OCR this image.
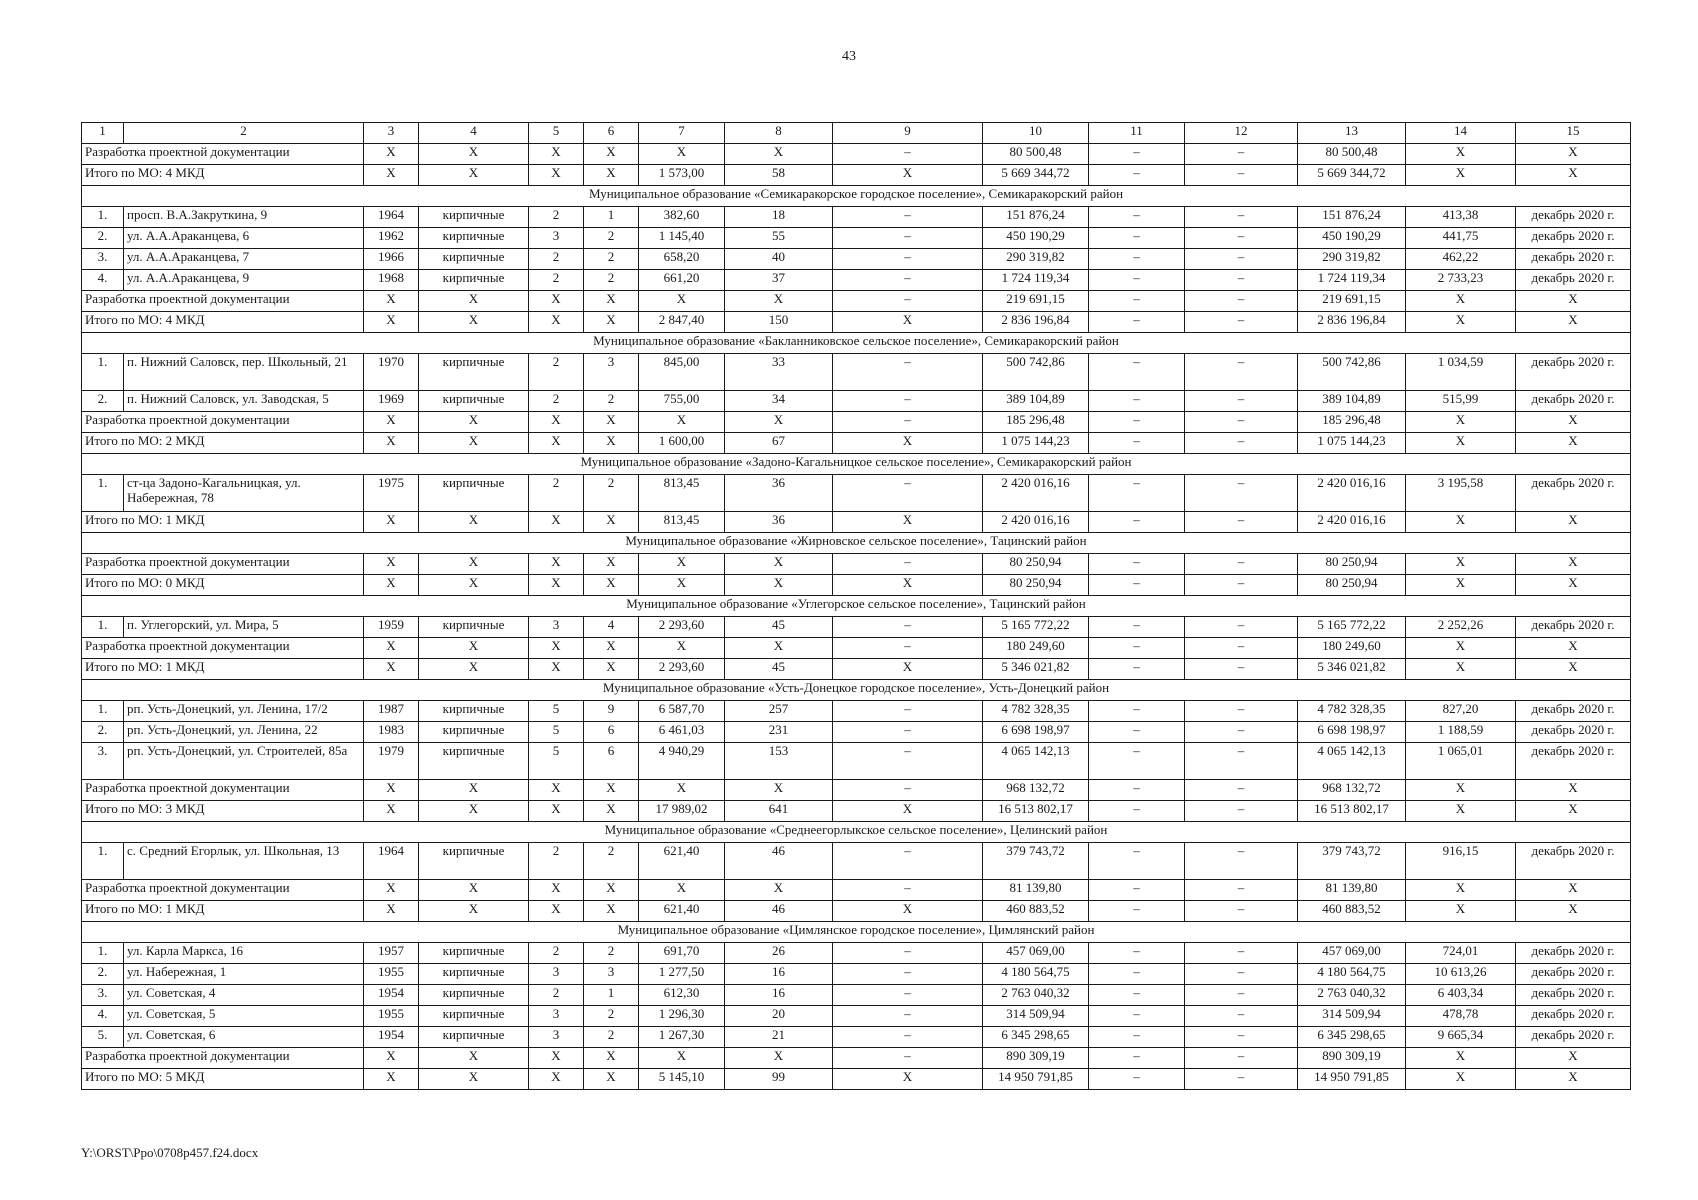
43
1	2	3	4	5	6	7	8	9	10	11	12	13	14	15
Разработка проектной документации		X	X	X	X	X	X	–	80 500,48	–	–	80 500,48	X	X
Итого по МО: 4 МКД		X	X	X	X	1 573,00	58	X	5 669 344,72	–	–	5 669 344,72	X	X
Муниципальное образование «Семикаракорское городское поселение», Семикаракорский район														
1.	просп. В.А.Закруткина, 9	1964	кирпичные	2	1	382,60	18	–	151 876,24	–	–	151 876,24	413,38	декабрь 2020 г.
2.	ул. А.А.Араканцева, 6	1962	кирпичные	3	2	1 145,40	55	–	450 190,29	–	–	450 190,29	441,75	декабрь 2020 г.
3.	ул. А.А.Араканцева, 7	1966	кирпичные	2	2	658,20	40	–	290 319,82	–	–	290 319,82	462,22	декабрь 2020 г.
4.	ул. А.А.Араканцева, 9	1968	кирпичные	2	2	661,20	37	–	1 724 119,34	–	–	1 724 119,34	2 733,23	декабрь 2020 г.
Разработка проектной документации		X	X	X	X	X	X	–	219 691,15	–	–	219 691,15	X	X
Итого по МО: 4 МКД		X	X	X	X	2 847,40	150	X	2 836 196,84	–	–	2 836 196,84	X	X
Муниципальное образование «Бакланниковское сельское поселение», Семикаракорский район														
1.	п. Нижний Саловск, пер. Школьный, 21	1970	кирпичные	2	3	845,00	33	–	500 742,86	–	–	500 742,86	1 034,59	декабрь 2020 г.
2.	п. Нижний Саловск, ул. Заводская, 5	1969	кирпичные	2	2	755,00	34	–	389 104,89	–	–	389 104,89	515,99	декабрь 2020 г.
Разработка проектной документации		X	X	X	X	X	X	–	185 296,48	–	–	185 296,48	X	X
Итого по МО: 2 МКД		X	X	X	X	1 600,00	67	X	1 075 144,23	–	–	1 075 144,23	X	X
Муниципальное образование «Задоно-Кагальницкое сельское поселение», Семикаракорский район														
1.	ст-ца Задоно-Кагальницкая, ул. Набережная, 78	1975	кирпичные	2	2	813,45	36	–	2 420 016,16	–	–	2 420 016,16	3 195,58	декабрь 2020 г.
Итого по МО: 1 МКД		X	X	X	X	813,45	36	X	2 420 016,16	–	–	2 420 016,16	X	X
Муниципальное образование «Жирновское сельское поселение», Тацинский район														
Разработка проектной документации		X	X	X	X	X	X	–	80 250,94	–	–	80 250,94	X	X
Итого по МО: 0 МКД		X	X	X	X	X	X	X	80 250,94	–	–	80 250,94	X	X
Муниципальное образование «Углегорское сельское поселение», Тацинский район														
1.	п. Углегорский, ул. Мира, 5	1959	кирпичные	3	4	2 293,60	45	–	5 165 772,22	–	–	5 165 772,22	2 252,26	декабрь 2020 г.
Разработка проектной документации		X	X	X	X	X	X	–	180 249,60	–	–	180 249,60	X	X
Итого по МО: 1 МКД		X	X	X	X	2 293,60	45	X	5 346 021,82	–	–	5 346 021,82	X	X
Муниципальное образование «Усть-Донецкое городское поселение», Усть-Донецкий район														
1.	рп. Усть-Донецкий, ул. Ленина, 17/2	1987	кирпичные	5	9	6 587,70	257	–	4 782 328,35	–	–	4 782 328,35	827,20	декабрь 2020 г.
2.	рп. Усть-Донецкий, ул. Ленина, 22	1983	кирпичные	5	6	6 461,03	231	–	6 698 198,97	–	–	6 698 198,97	1 188,59	декабрь 2020 г.
3.	рп. Усть-Донецкий, ул. Строителей, 85а	1979	кирпичные	5	6	4 940,29	153	–	4 065 142,13	–	–	4 065 142,13	1 065,01	декабрь 2020 г.
Разработка проектной документации		X	X	X	X	X	X	–	968 132,72	–	–	968 132,72	X	X
Итого по МО: 3 МКД		X	X	X	X	17 989,02	641	X	16 513 802,17	–	–	16 513 802,17	X	X
Муниципальное образование «Среднеегорлыкское сельское поселение», Целинский район														
1.	с. Средний Егорлык, ул. Школьная, 13	1964	кирпичные	2	2	621,40	46	–	379 743,72	–	–	379 743,72	916,15	декабрь 2020 г.
Разработка проектной документации		X	X	X	X	X	X	–	81 139,80	–	–	81 139,80	X	X
Итого по МО: 1 МКД		X	X	X	X	621,40	46	X	460 883,52	–	–	460 883,52	X	X
Муниципальное образование «Цимлянское городское поселение», Цимлянский район														
1.	ул. Карла Маркса, 16	1957	кирпичные	2	2	691,70	26	–	457 069,00	–	–	457 069,00	724,01	декабрь 2020 г.
2.	ул. Набережная, 1	1955	кирпичные	3	3	1 277,50	16	–	4 180 564,75	–	–	4 180 564,75	10 613,26	декабрь 2020 г.
3.	ул. Советская, 4	1954	кирпичные	2	1	612,30	16	–	2 763 040,32	–	–	2 763 040,32	6 403,34	декабрь 2020 г.
4.	ул. Советская, 5	1955	кирпичные	3	2	1 296,30	20	–	314 509,94	–	–	314 509,94	478,78	декабрь 2020 г.
5.	ул. Советская, 6	1954	кирпичные	3	2	1 267,30	21	–	6 345 298,65	–	–	6 345 298,65	9 665,34	декабрь 2020 г.
Разработка проектной документации		X	X	X	X	X	X	–	890 309,19	–	–	890 309,19	X	X
Итого по МО: 5 МКД		X	X	X	X	5 145,10	99	X	14 950 791,85	–	–	14 950 791,85	X	X
Y:\ORST\Ppo\0708p457.f24.docx
